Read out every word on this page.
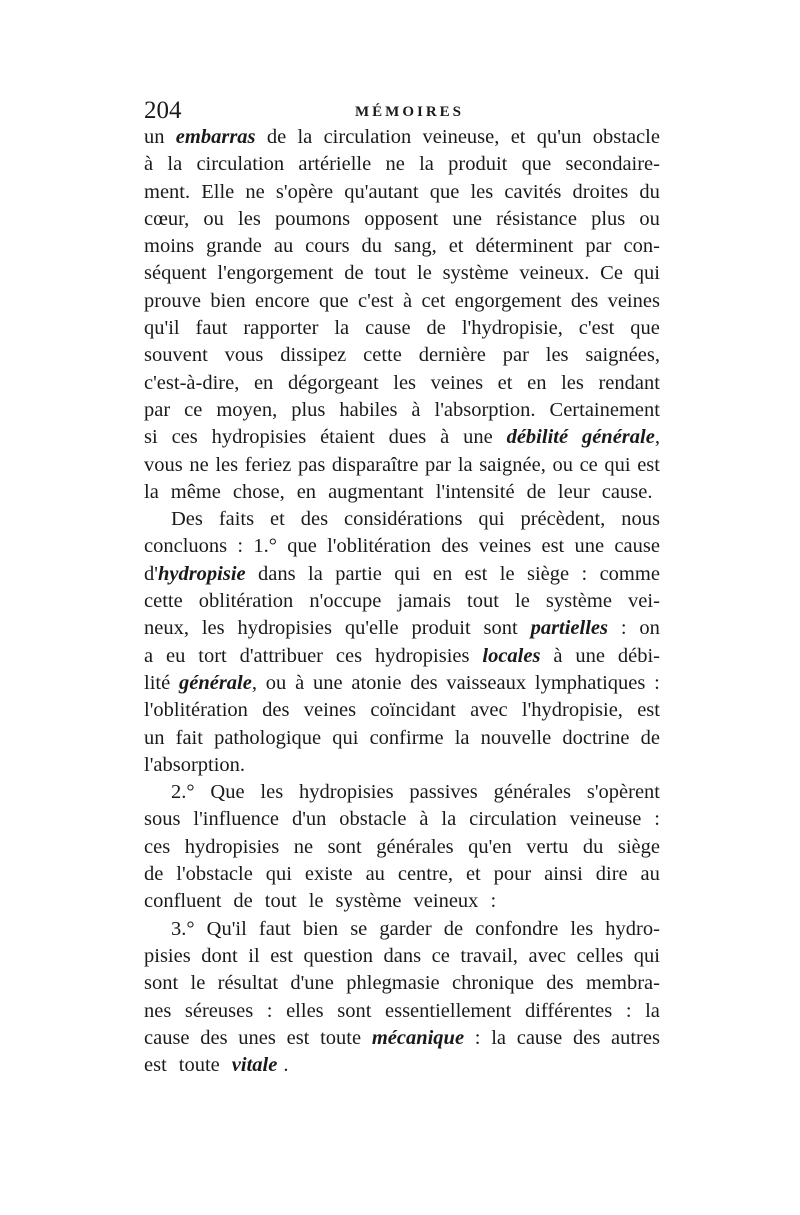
204	MÉMOIRES
un embarras de la circulation veineuse, et qu'un obstacle
à la circulation artérielle ne la produit que secondaire-
ment. Elle ne s'opère qu'autant que les cavités droites du
cœur, ou les poumons opposent une résistance plus ou
moins grande au cours du sang, et déterminent par con-
séquent l'engorgement de tout le système veineux. Ce qui
prouve bien encore que c'est à cet engorgement des veines
qu'il faut rapporter la cause de l'hydropisie, c'est que
souvent vous dissipez cette dernière par les saignées,
c'est-à-dire, en dégorgeant les veines et en les rendant
par ce moyen, plus habiles à l'absorption. Certainement
si ces hydropisies étaient dues à une débilité générale,
vous ne les feriez pas disparaître par la saignée, ou ce qui est
la même chose, en augmentant l'intensité de leur cause.
Des faits et des considérations qui précèdent, nous
concluons : 1.° que l'oblitération des veines est une cause
d'hydropisie dans la partie qui en est le siège : comme
cette oblitération n'occupe jamais tout le système vei-
neux, les hydropisies qu'elle produit sont partielles : on
a eu tort d'attribuer ces hydropisies locales à une débi-
lité générale, ou à une atonie des vaisseaux lymphatiques :
l'oblitération des veines coïncidant avec l'hydropisie, est
un fait pathologique qui confirme la nouvelle doctrine de
l'absorption.
2.° Que les hydropisies passives générales s'opèrent
sous l'influence d'un obstacle à la circulation veineuse :
ces hydropisies ne sont générales qu'en vertu du siège
de l'obstacle qui existe au centre, et pour ainsi dire au
confluent de tout le système veineux :
3.° Qu'il faut bien se garder de confondre les hydro-
pisies dont il est question dans ce travail, avec celles qui
sont le résultat d'une phlegmasie chronique des membra-
nes séreuses : elles sont essentiellement différentes : la
cause des unes est toute mécanique : la cause des autres
est toute vitale .
